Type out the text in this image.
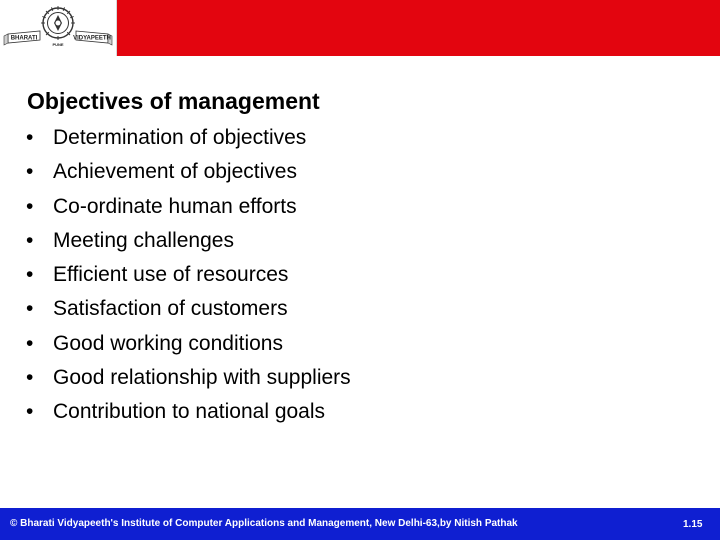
BHARATI	VIDYAPEETH
PUNE
Objectives of management
• Determination of objectives
• Achievement of objectives
• Co-ordinate human efforts
• Meeting challenges
• Efficient use of resources
• Satisfaction of customers
• Good working conditions
• Good relationship with suppliers
• Contribution to national goals
© Bharati Vidyapeeth's Institute of Computer Applications and Management, New Delhi-63,by Nitish Pathak	1.15
